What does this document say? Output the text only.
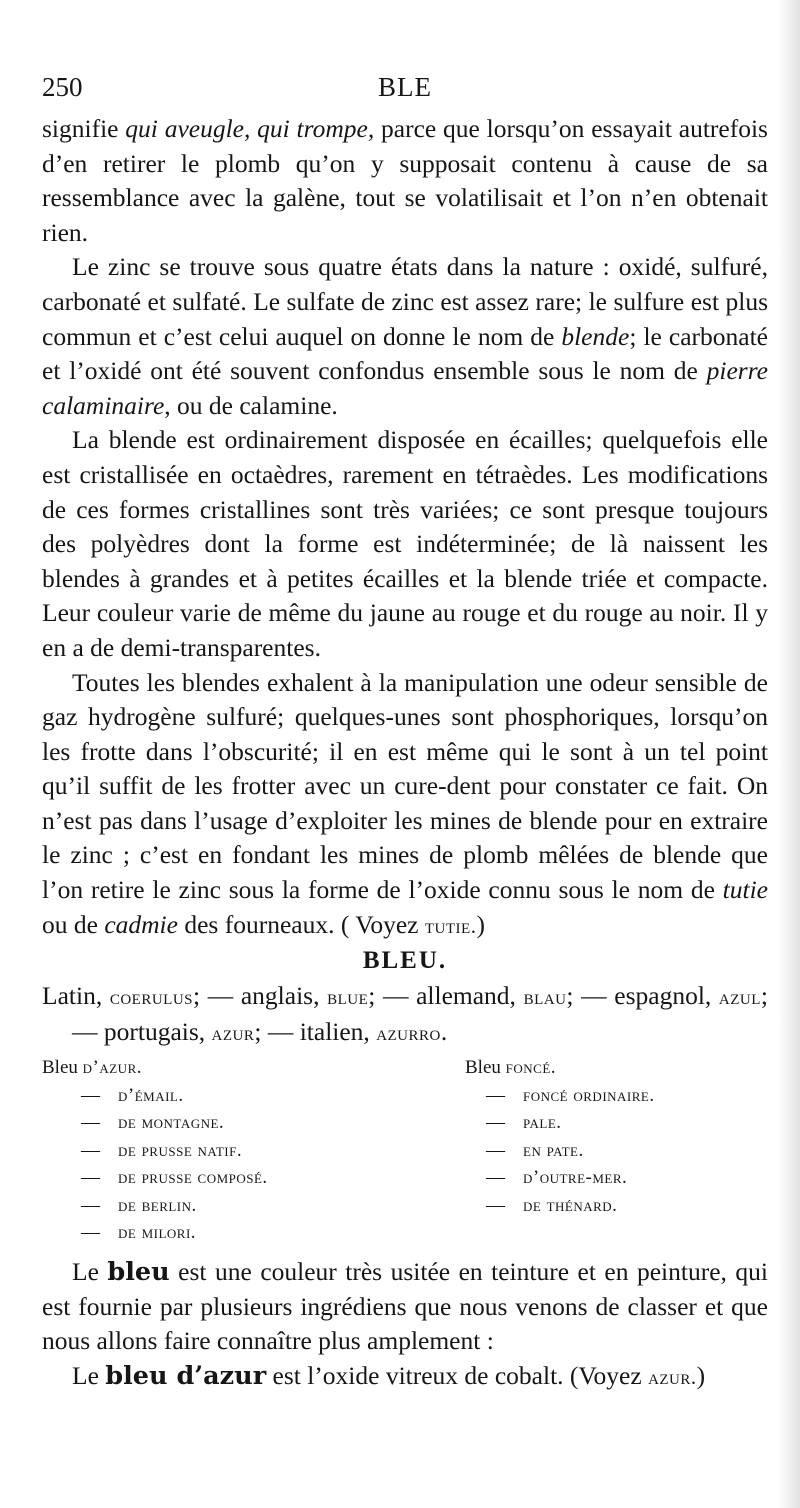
250	BLE

signifie qui aveugle, qui trompe, parce que lorsqu’on essayait autrefois d’en retirer le plomb qu’on y supposait contenu à cause de sa ressemblance avec la galène, tout se volatilisait et l’on n’en obtenait rien.

Le zinc se trouve sous quatre états dans la nature : oxidé, sulfuré, carbonaté et sulfaté. Le sulfate de zinc est assez rare; le sulfure est plus commun et c’est celui auquel on donne le nom de blende; le carbonaté et l’oxidé ont été souvent confondus ensemble sous le nom de pierre calaminaire, ou de calamine.

La blende est ordinairement disposée en écailles; quelquefois elle est cristallisée en octaèdres, rarement en tétraèdes. Les modifications de ces formes cristallines sont très variées; ce sont presque toujours des polyèdres dont la forme est indéterminée; de là naissent les blendes à grandes et à petites écailles et la blende triée et compacte. Leur couleur varie de même du jaune au rouge et du rouge au noir. Il y en a de demi-transparentes.

Toutes les blendes exhalent à la manipulation une odeur sensible de gaz hydrogène sulfuré; quelques-unes sont phosphoriques, lorsqu’on les frotte dans l’obscurité; il en est même qui le sont à un tel point qu’il suffit de les frotter avec un cure-dent pour constater ce fait. On n’est pas dans l’usage d’exploiter les mines de blende pour en extraire le zinc ; c’est en fondant les mines de plomb mêlées de blende que l’on retire le zinc sous la forme de l’oxide connu sous le nom de tutie ou de cadmie des fourneaux. ( Voyez tutie.)

BLEU.

Latin, coerulus; — anglais, blue; — allemand, blau; — espagnol, azul; — portugais, azur; — italien, azurro.

Bleu d’azur.
— d’émail.
— de montagne.
— de prusse natif.
— de prusse composé.
— de berlin.
— de milori.
Bleu foncé.
— foncé ordinaire.
— pale.
— en pate.
— d’outre-mer.
— de thénard.

Le bleu est une couleur très usitée en teinture et en peinture, qui est fournie par plusieurs ingrédiens que nous venons de classer et que nous allons faire connaître plus amplement :

Le bleu d’azur est l’oxide vitreux de cobalt. (Voyez azur.)
